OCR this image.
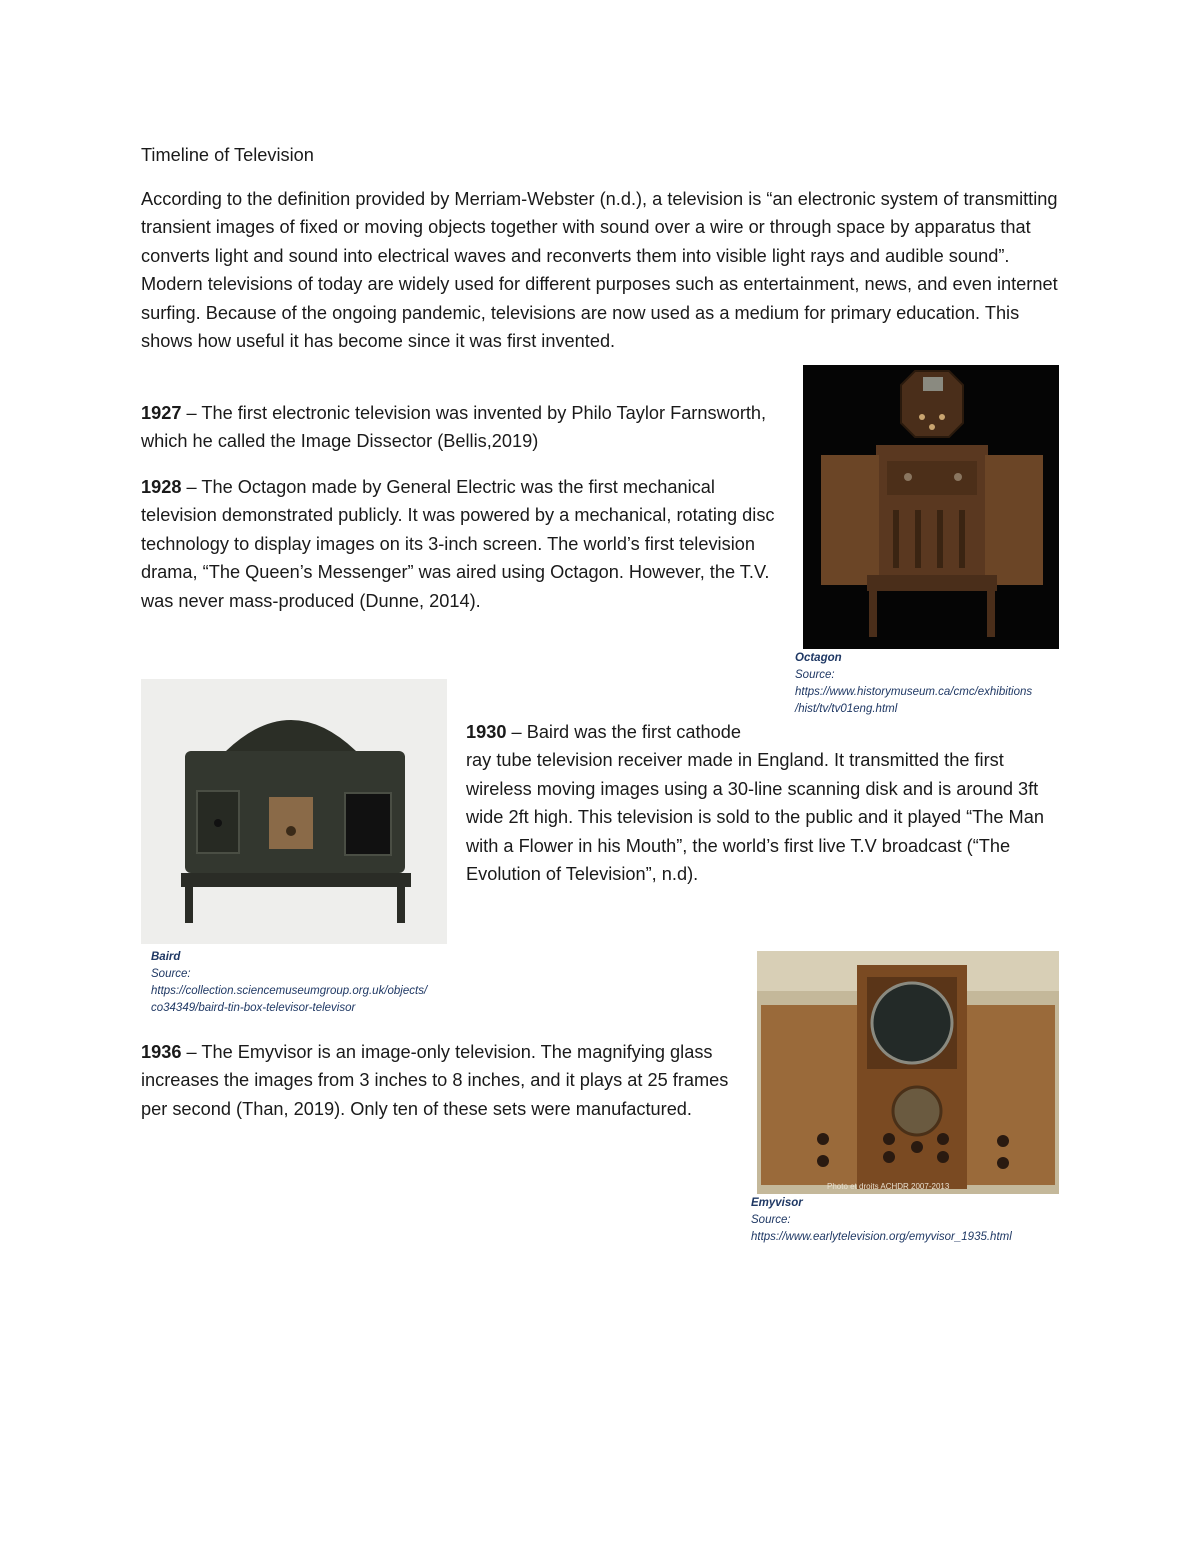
Timeline of Television
According to the definition provided by Merriam-Webster (n.d.), a television is “an electronic system of transmitting transient images of fixed or moving objects together with sound over a wire or through space by apparatus that converts light and sound into electrical waves and reconverts them into visible light rays and audible sound”. Modern televisions of today are widely used for different purposes such as entertainment, news, and even internet surfing. Because of the ongoing pandemic, televisions are now used as a medium for primary education. This shows how useful it has become since it was first invented.
1927 – The first electronic television was invented by Philo Taylor Farnsworth, which he called the Image Dissector (Bellis,2019)
1928 – The Octagon made by General Electric was the first mechanical television demonstrated publicly. It was powered by a mechanical, rotating disc technology to display images on its 3-inch screen. The world’s first television drama, “The Queen’s Messenger” was aired using Octagon. However, the T.V. was never mass-produced (Dunne, 2014).
1930 – Baird was the first cathode
ray tube television receiver made in England. It transmitted the first wireless moving images using a 30-line scanning disk and is around 3ft wide 2ft high. This television is sold to the public and it played “The Man with a Flower in his Mouth”, the world’s first live T.V broadcast (“The Evolution of Television”, n.d).
1936 – The Emyvisor is an image-only television. The magnifying glass increases the images from 3 inches to 8 inches, and it plays at 25 frames per second (Than, 2019). Only ten of these sets were manufactured.
Octagon
Source:
https://www.historymuseum.ca/cmc/exhibitions
/hist/tv/tv01eng.html
Baird
Source:
https://collection.sciencemuseumgroup.org.uk/objects/
co34349/baird-tin-box-televisor-televisor
Photo et droits ACHDR 2007-2013
Emyvisor
Source:
https://www.earlytelevision.org/emyvisor_1935.html
